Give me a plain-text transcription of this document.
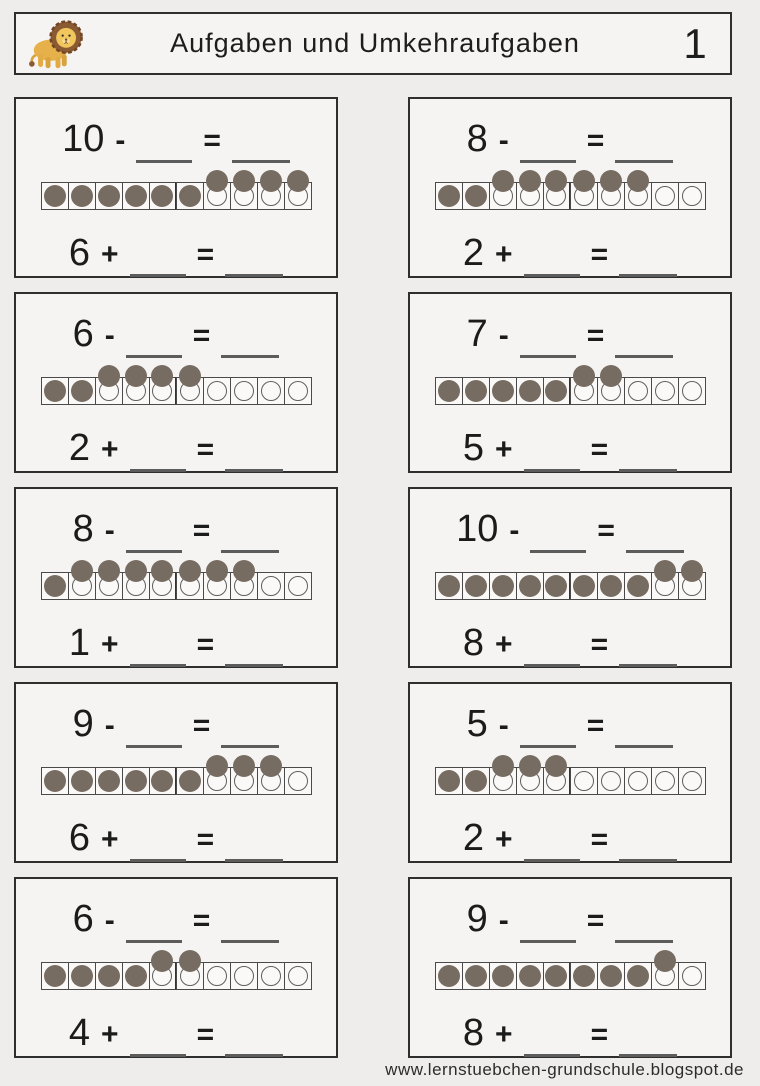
Aufgaben und Umkehraufgaben	1
10 -	=
6 +	=
8 -	=
2 +	=
6 -	=
2 +	=
7 -	=
5 +	=
8 -	=
1 +	=
10 -	=
8 +	=
9 -	=
6 +	=
5 -	=
2 +	=
6 -	=
4 +	=
9 -	=
8 +	=
www.lernstuebchen-grundschule.blogspot.de
